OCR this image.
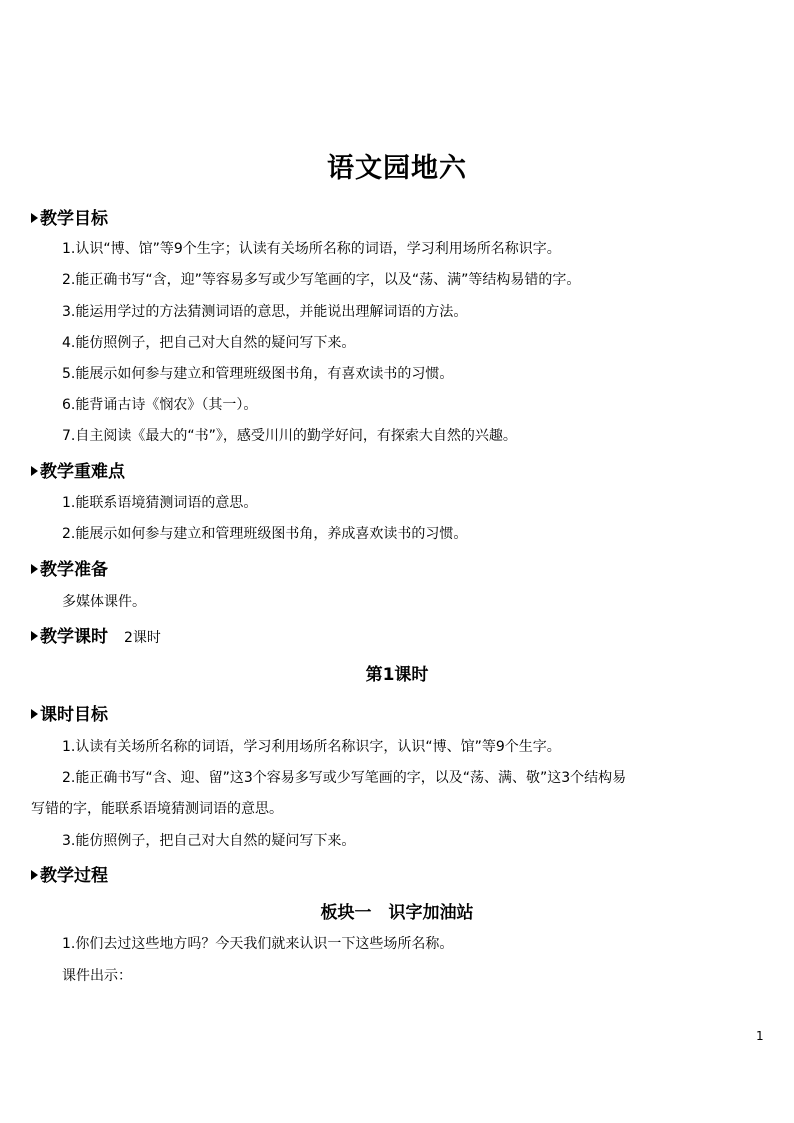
语文园地六
教学目标
1.认识“博、馆”等9个生字；认读有关场所名称的词语，学习利用场所名称识字。
2.能正确书写“含，迎”等容易多写或少写笔画的字，以及“荡、满”等结构易错的字。
3.能运用学过的方法猜测词语的意思，并能说出理解词语的方法。
4.能仿照例子，把自己对大自然的疑问写下来。
5.能展示如何参与建立和管理班级图书角，有喜欢读书的习惯。
6.能背诵古诗《悯农》（其一）。
7.自主阅读《最大的“书”》，感受川川的勤学好问，有探索大自然的兴趣。
教学重难点
1.能联系语境猜测词语的意思。
2.能展示如何参与建立和管理班级图书角，养成喜欢读书的习惯。
教学准备
多媒体课件。
教学课时 2课时
第1课时
课时目标
1.认读有关场所名称的词语，学习利用场所名称识字，认识“博、馆”等9个生字。
2.能正确书写“含、迎、留”这3个容易多写或少写笔画的字，以及“荡、满、敬”这3个结构易
写错的字，能联系语境猜测词语的意思。
3.能仿照例子，把自己对大自然的疑问写下来。
教学过程
板块一　识字加油站
1.你们去过这些地方吗？今天我们就来认识一下这些场所名称。
课件出示：
1
